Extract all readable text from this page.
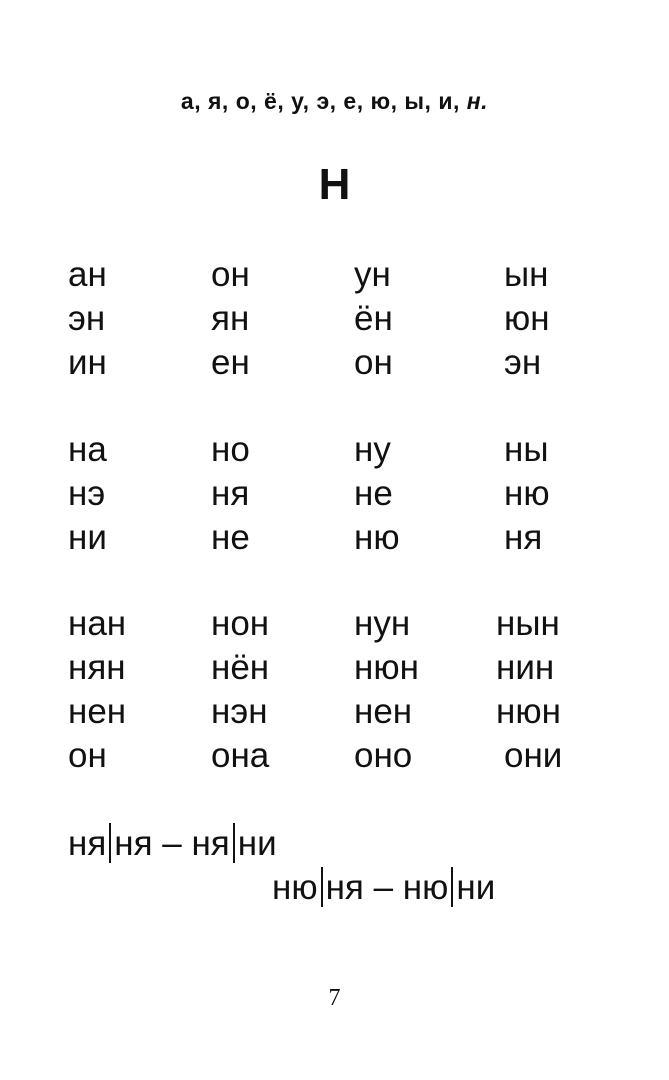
а, я, о, ё, у, э, е, ю, ы, и, н.
Н
ан	он	ун	ын
эн	ян	ён	юн
ин	ен	он	эн
на	но	ну	ны
нэ	ня	не	ню
ни	не	ню	ня
нан нон нун нын
нян нён нюн нин
нен нэн нен нюн
он	она оно	они
ня ня – ня ни
ню ня – ню ни
7
